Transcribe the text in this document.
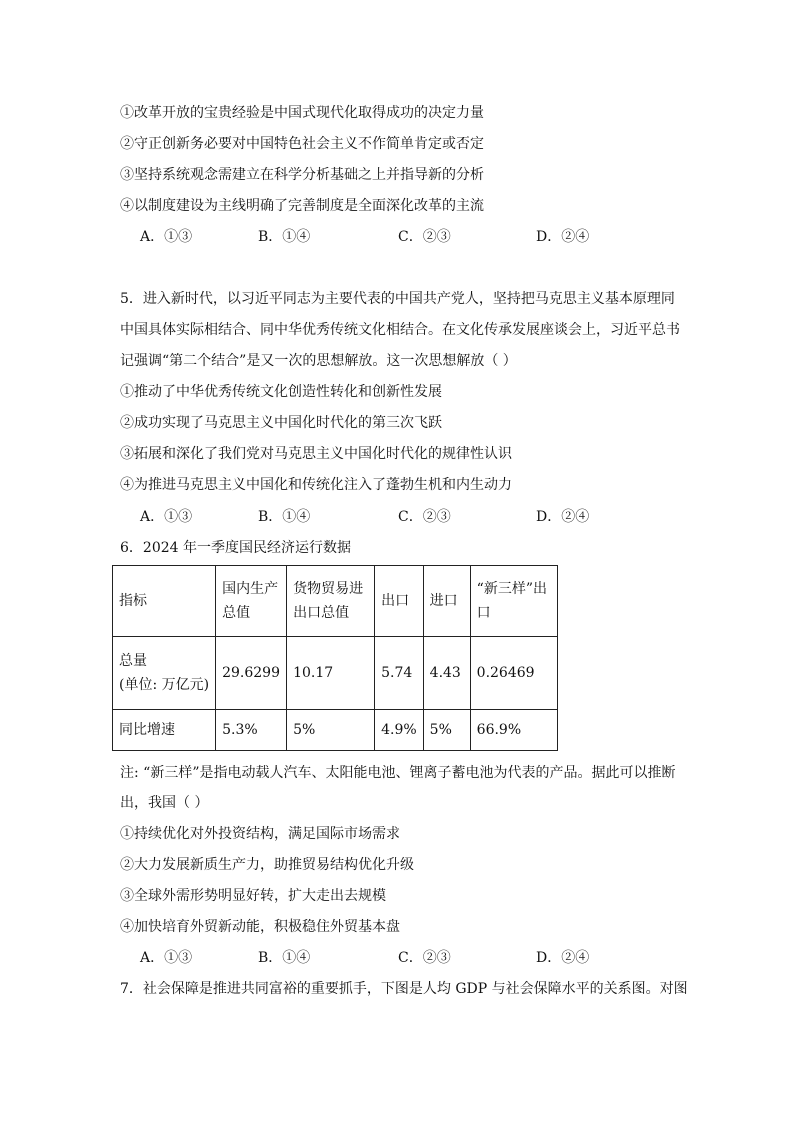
①改革开放的宝贵经验是中国式现代化取得成功的决定力量
②守正创新务必要对中国特色社会主义不作简单肯定或否定
③坚持系统观念需建立在科学分析基础之上并指导新的分析
④以制度建设为主线明确了完善制度是全面深化改革的主流
A．①③	B．①④	C．②③	D．②④
5．进入新时代，以习近平同志为主要代表的中国共产党人，坚持把马克思主义基本原理同
中国具体实际相结合、同中华优秀传统文化相结合。在文化传承发展座谈会上，习近平总书
记强调“第二个结合”是又一次的思想解放。这一次思想解放（ ）
①推动了中华优秀传统文化创造性转化和创新性发展
②成功实现了马克思主义中国化时代化的第三次飞跃
③拓展和深化了我们党对马克思主义中国化时代化的规律性认识
④为推进马克思主义中国化和传统化注入了蓬勃生机和内生动力
A．①③	B．①④	C．②③	D．②④
6．2024 年一季度国民经济运行数据
指标	国内生产总值	货物贸易进出口总值	出口	进口	“新三样”出口

总量
(单位: 万亿元)	29.6299	10.17	5.74	4.43	0.26469
同比增速	5.3%	5%	4.9%	5%	66.9%
注: “新三样”是指电动载人汽车、太阳能电池、锂离子蓄电池为代表的产品。据此可以推断
出，我国（ ）
①持续优化对外投资结构，满足国际市场需求
②大力发展新质生产力，助推贸易结构优化升级
③全球外需形势明显好转，扩大走出去规模
④加快培育外贸新动能，积极稳住外贸基本盘
A．①③	B．①④	C．②③	D．②④
7．社会保障是推进共同富裕的重要抓手，下图是人均 GDP 与社会保障水平的关系图。对图
